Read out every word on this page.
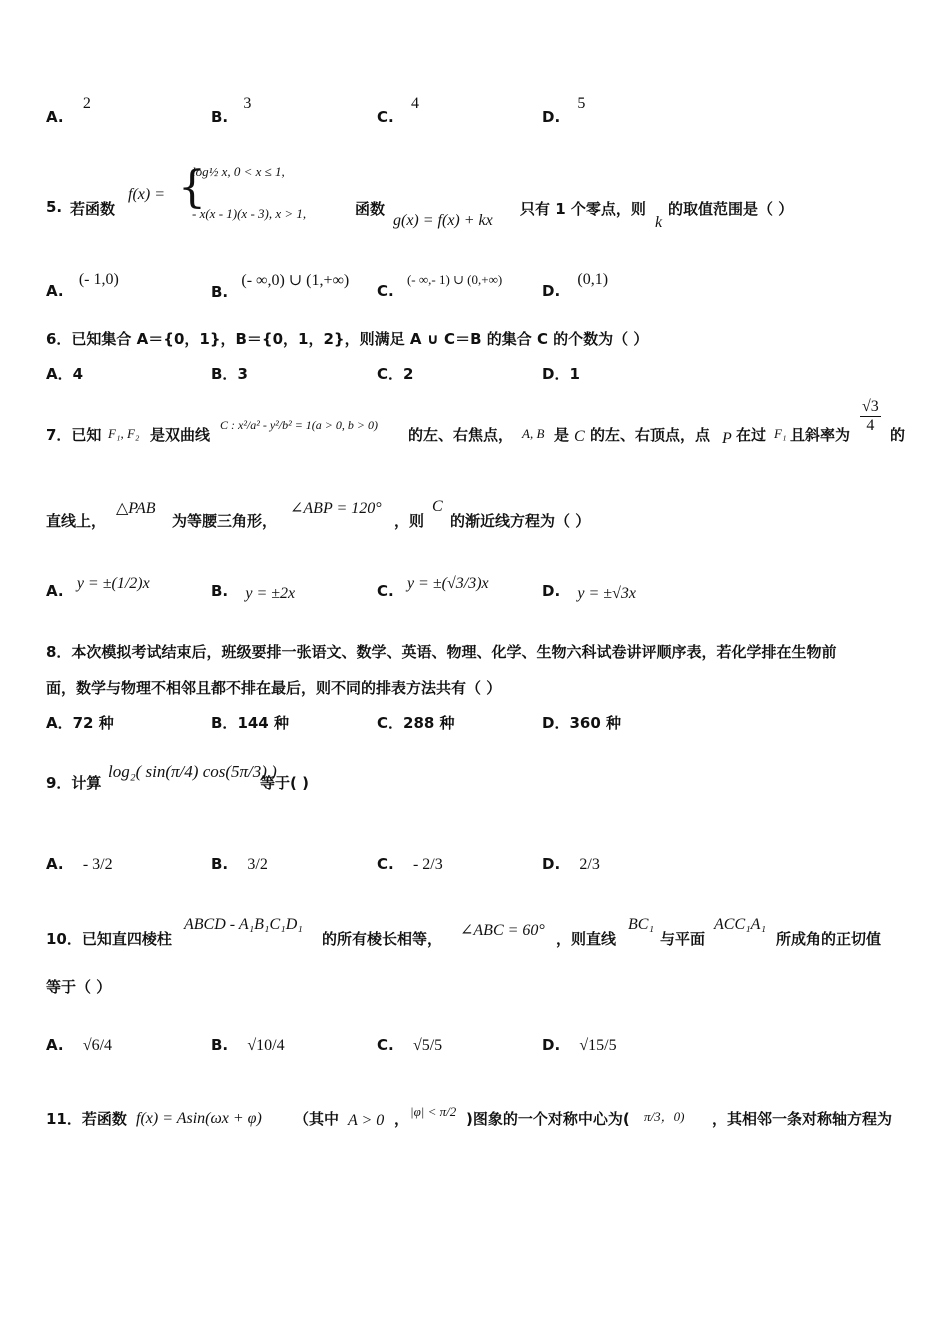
A. 2
B. 3
C. 4
D. 5
5. 若函数
f(x) = {
log½ x, 0 < x ≤ 1,
- x(x - 1)(x - 3), x > 1,	函数
g(x) = f(x) + kx
只有 1 个零点，则
k
的取值范围是（ ）
A. (- 1,0)
B. (- ∞,0) ∪ (1,+∞)
C. (- ∞,- 1) ∪ (0,+∞)
D. (0,1)
6．已知集合 A＝{0，1}，B＝{0，1，2}，则满足 A ∪ C＝B 的集合 C 的个数为（ ）
A．4	B．3	C．2	D．1
7．已知 F₁, F₂ 是双曲线
C : x²/a² - y²/b² = 1(a > 0, b > 0)
的左、右焦点， A, B 是 C 的左、右顶点，点 P 在过 F₁ 且斜率为
$\frac{√3}{4}$
的
直线上，
△PAB
为等腰三角形，
∠ABP = 120°
，则
C
的渐近线方程为（ ）
A. y = ±(1/2)x	B. y = ±2x	C. y = ±(√3/3)x	D. y = ±√3x
8．本次模拟考试结束后，班级要排一张语文、数学、英语、物理、化学、生物六科试卷讲评顺序表，若化学排在生物前
面，数学与物理不相邻且都不排在最后，则不同的排表方法共有（ ）
A．72 种	B．144 种	C．288 种	D．360 种
9．计算
log₂( sin(π/4) cos(5π/3) )
等于( )
A. - 3/2	B. 3/2	C. - 2/3	D. 2/3
10．已知直四棱柱
ABCD - A₁B₁C₁D₁
的所有棱长相等， ∠ABC = 60° ，则直线
BC₁
与平面
ACC₁A₁
所成角的正切值
等于（ ）
A. √6/4	B. √10/4	C. √5/5	D. √15/5
11．若函数 f(x) = Asin(ωx + φ) （其中 A > 0 ， |φ| < π/2 )图象的一个对称中心为( π/3，0) ，其相邻一条对称轴方程为
